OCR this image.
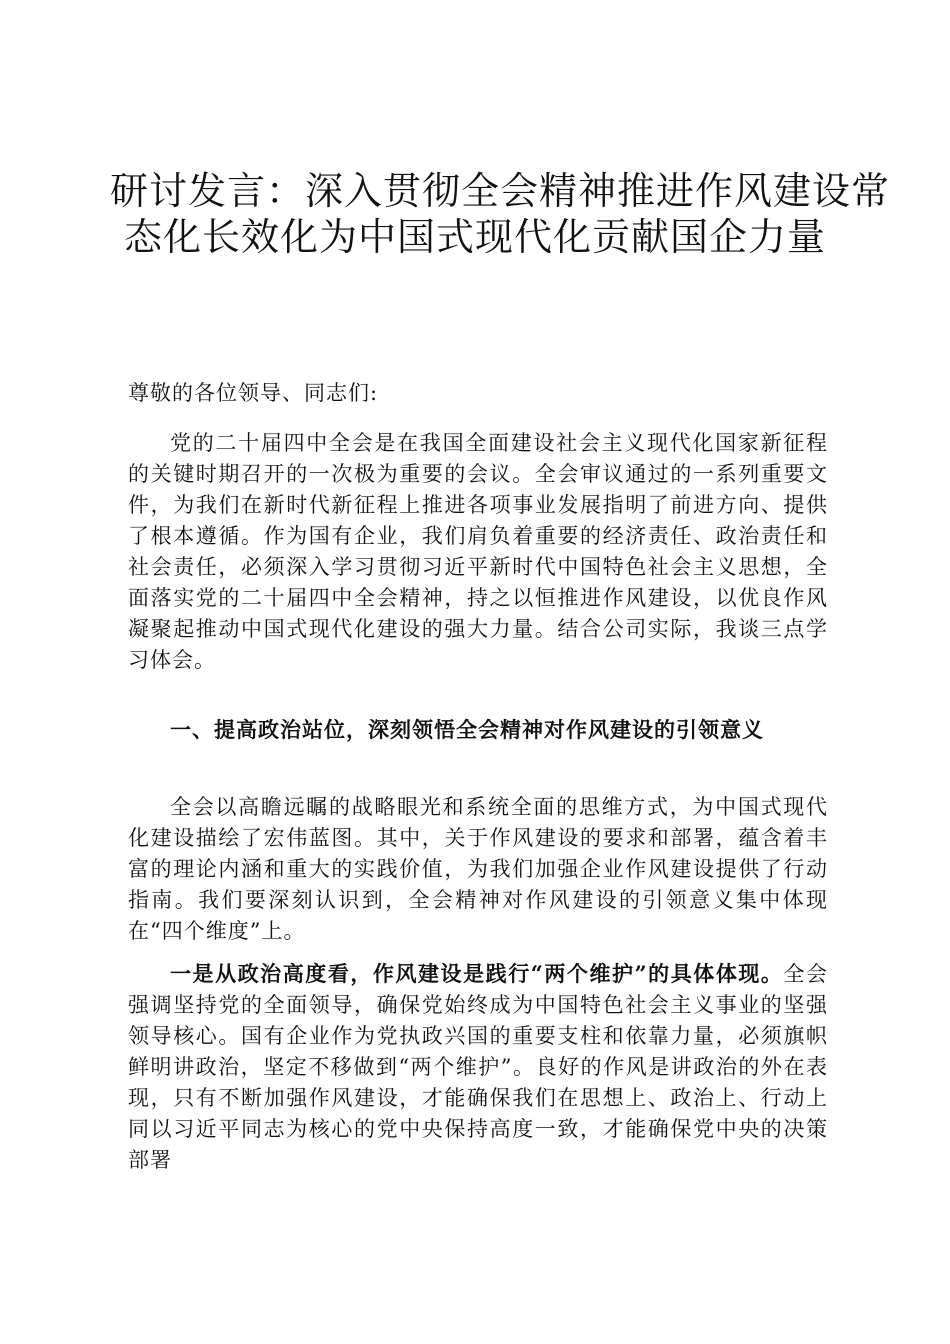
研讨发言：深入贯彻全会精神推进作风建设常
态化长效化为中国式现代化贡献国企力量
尊敬的各位领导、同志们:
党的二十届四中全会是在我国全面建设社会主义现代化国家新征程的关键时期召开的一次极为重要的会议。全会审议通过的一系列重要文件，为我们在新时代新征程上推进各项事业发展指明了前进方向、提供了根本遵循。作为国有企业，我们肩负着重要的经济责任、政治责任和社会责任，必须深入学习贯彻习近平新时代中国特色社会主义思想，全面落实党的二十届四中全会精神，持之以恒推进作风建设，以优良作风凝聚起推动中国式现代化建设的强大力量。结合公司实际，我谈三点学习体会。
一、提高政治站位，深刻领悟全会精神对作风建设的引领意义
全会以高瞻远瞩的战略眼光和系统全面的思维方式，为中国式现代化建设描绘了宏伟蓝图。其中，关于作风建设的要求和部署，蕴含着丰富的理论内涵和重大的实践价值，为我们加强企业作风建设提供了行动指南。我们要深刻认识到，全会精神对作风建设的引领意义集中体现在“四个维度”上。
一是从政治高度看，作风建设是践行“两个维护”的具体体现。全会强调坚持党的全面领导，确保党始终成为中国特色社会主义事业的坚强领导核心。国有企业作为党执政兴国的重要支柱和依靠力量，必须旗帜鲜明讲政治，坚定不移做到“两个维护”。良好的作风是讲政治的外在表现，只有不断加强作风建设，才能确保我们在思想上、政治上、行动上同以习近平同志为核心的党中央保持高度一致，才能确保党中央的决策部署
